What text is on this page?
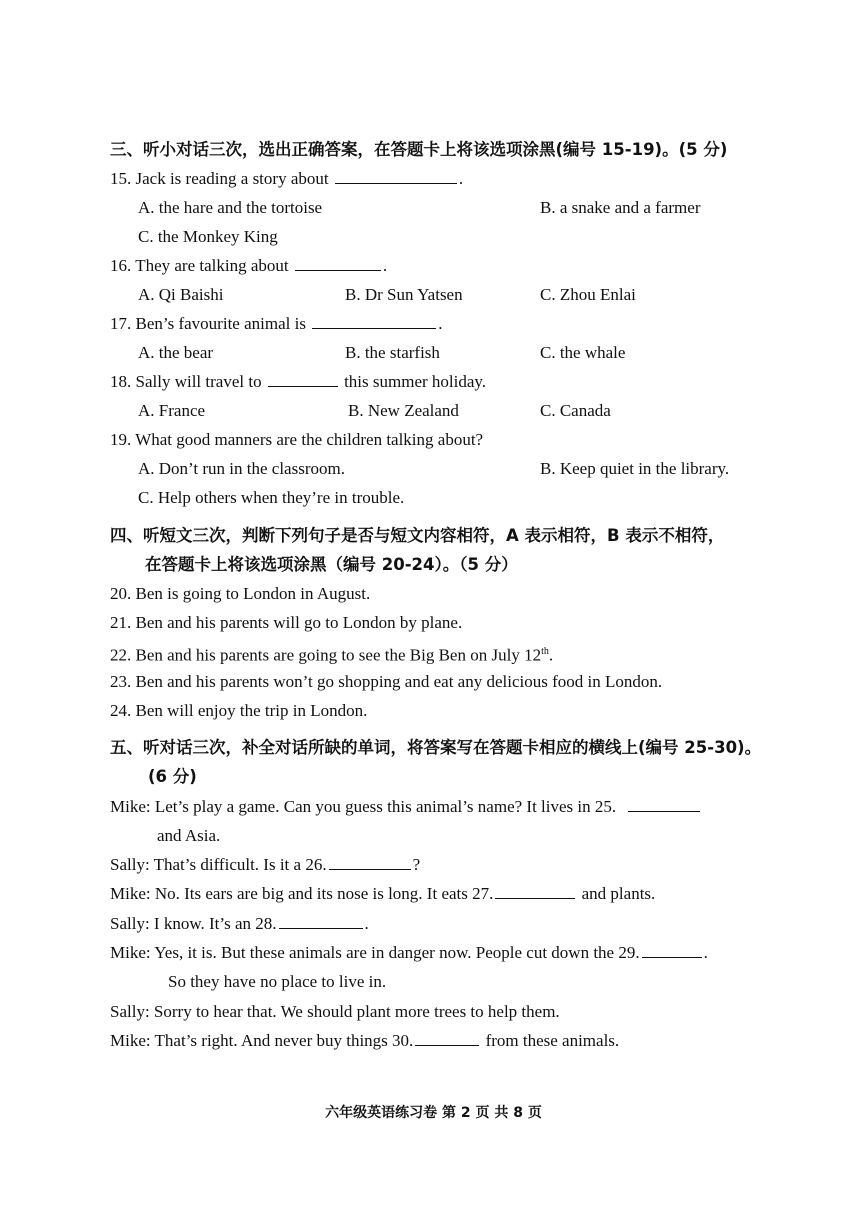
三、听小对话三次，选出正确答案，在答题卡上将该选项涂黑(编号 15-19)。(5 分)
15. Jack is reading a story about	.
A. the hare and the tortoise	B. a snake and a farmer
C. the Monkey King
16. They are talking about	.
A. Qi Baishi	B. Dr Sun Yatsen	C. Zhou Enlai
17. Ben’s favourite animal is	.
A. the bear	B. the starfish	C. the whale
18. Sally will travel to	this summer holiday.
A. France	B. New Zealand	C. Canada
19. What good manners are the children talking about?
A. Don’t run in the classroom.	B. Keep quiet in the library.
C. Help others when they’re in trouble.
四、听短文三次，判断下列句子是否与短文内容相符，A 表示相符，B 表示不相符，
在答题卡上将该选项涂黑（编号 20-24）。（5 分）
20. Ben is going to London in August.
21. Ben and his parents will go to London by plane.
22. Ben and his parents are going to see the Big Ben on July 12th.
23. Ben and his parents won’t go shopping and eat any delicious food in London.
24. Ben will enjoy the trip in London.
五、听对话三次，补全对话所缺的单词，将答案写在答题卡相应的横线上(编号 25-30)。
(6 分)
Mike: Let’s play a game. Can you guess this animal’s name? It lives in 25.
and Asia.
Sally: That’s difficult. Is it a 26.	?
Mike: No. Its ears are big and its nose is long. It eats 27.	and plants.
Sally: I know. It’s an 28.	.
Mike: Yes, it is. But these animals are in danger now. People cut down the 29.	.
So they have no place to live in.
Sally: Sorry to hear that. We should plant more trees to help them.
Mike: That’s right. And never buy things 30.	from these animals.
六年级英语练习卷 第 2 页 共 8 页
